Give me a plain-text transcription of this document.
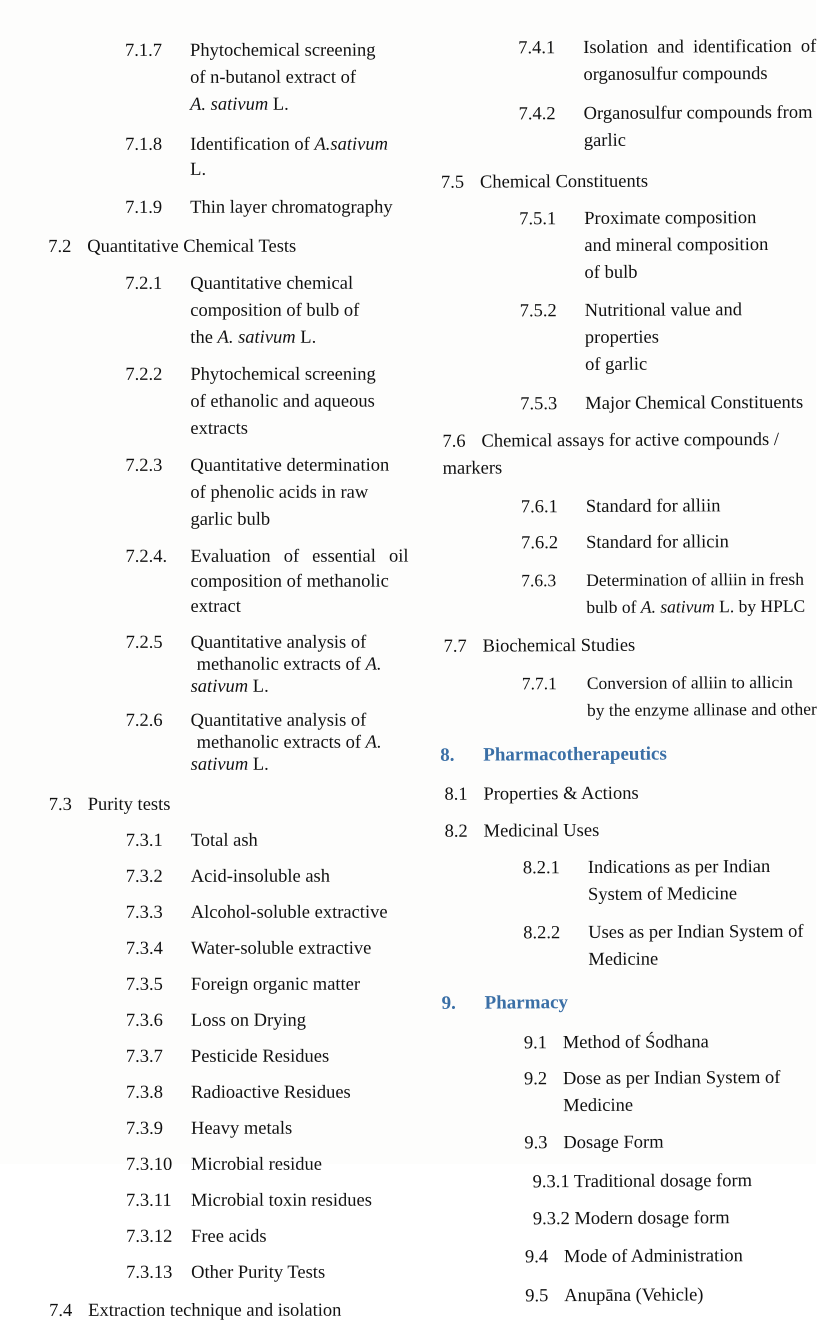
7.1.7	Phytochemical screening
of n-butanol extract of
A. sativum L.
7.1.8	Identification of A.sativum L.
7.1.9	Thin layer chromatography
7.2 Quantitative Chemical Tests
7.2.1	Quantitative chemical
composition of bulb of
the A. sativum L.
7.2.2	Phytochemical screening
of ethanolic and aqueous
extracts
7.2.3	Quantitative determination
of phenolic acids in raw
garlic bulb
7.2.4.	Evaluation of essential oil composition of methanolic
extract
7.2.5	Quantitative analysis of
methanolic extracts of A.
sativum L.
7.2.6	Quantitative analysis of
methanolic extracts of A.
sativum L.
7.3 Purity tests
7.3.1	Total ash
7.3.2	Acid-insoluble ash
7.3.3	Alcohol-soluble extractive
7.3.4	Water-soluble extractive
7.3.5	Foreign organic matter
7.3.6	Loss on Drying
7.3.7	Pesticide Residues
7.3.8	Radioactive Residues
7.3.9	Heavy metals
7.3.10	Microbial residue
7.3.11	Microbial toxin residues
7.3.12	Free acids
7.3.13	Other Purity Tests
7.4 Extraction technique and isolation
7.4.1	Isolation and identification of organosulfur compounds
7.4.2	Organosulfur compounds from
garlic
7.5 Chemical Constituents
7.5.1	Proximate composition
and mineral composition
of bulb
7.5.2	Nutritional value and properties
of garlic
7.5.3	Major Chemical Constituents
7.6 Chemical assays for active compounds /
markers
7.6.1	Standard for alliin
7.6.2	Standard for allicin
7.6.3	Determination of alliin in fresh
bulb of A. sativum L. by HPLC
7.7 Biochemical Studies
7.7.1	Conversion of alliin to allicin
by the enzyme allinase and other
8.	Pharmacotherapeutics
8.1 Properties & Actions
8.2 Medicinal Uses
8.2.1	Indications as per Indian
System of Medicine
8.2.2	Uses as per Indian System of
Medicine
9.	Pharmacy
9.1 Method of Śodhana
9.2 Dose as per Indian System of
Medicine
9.3 Dosage Form
9.3.1 Traditional dosage form
9.3.2 Modern dosage form
9.4 Mode of Administration
9.5 Anupāna (Vehicle)
